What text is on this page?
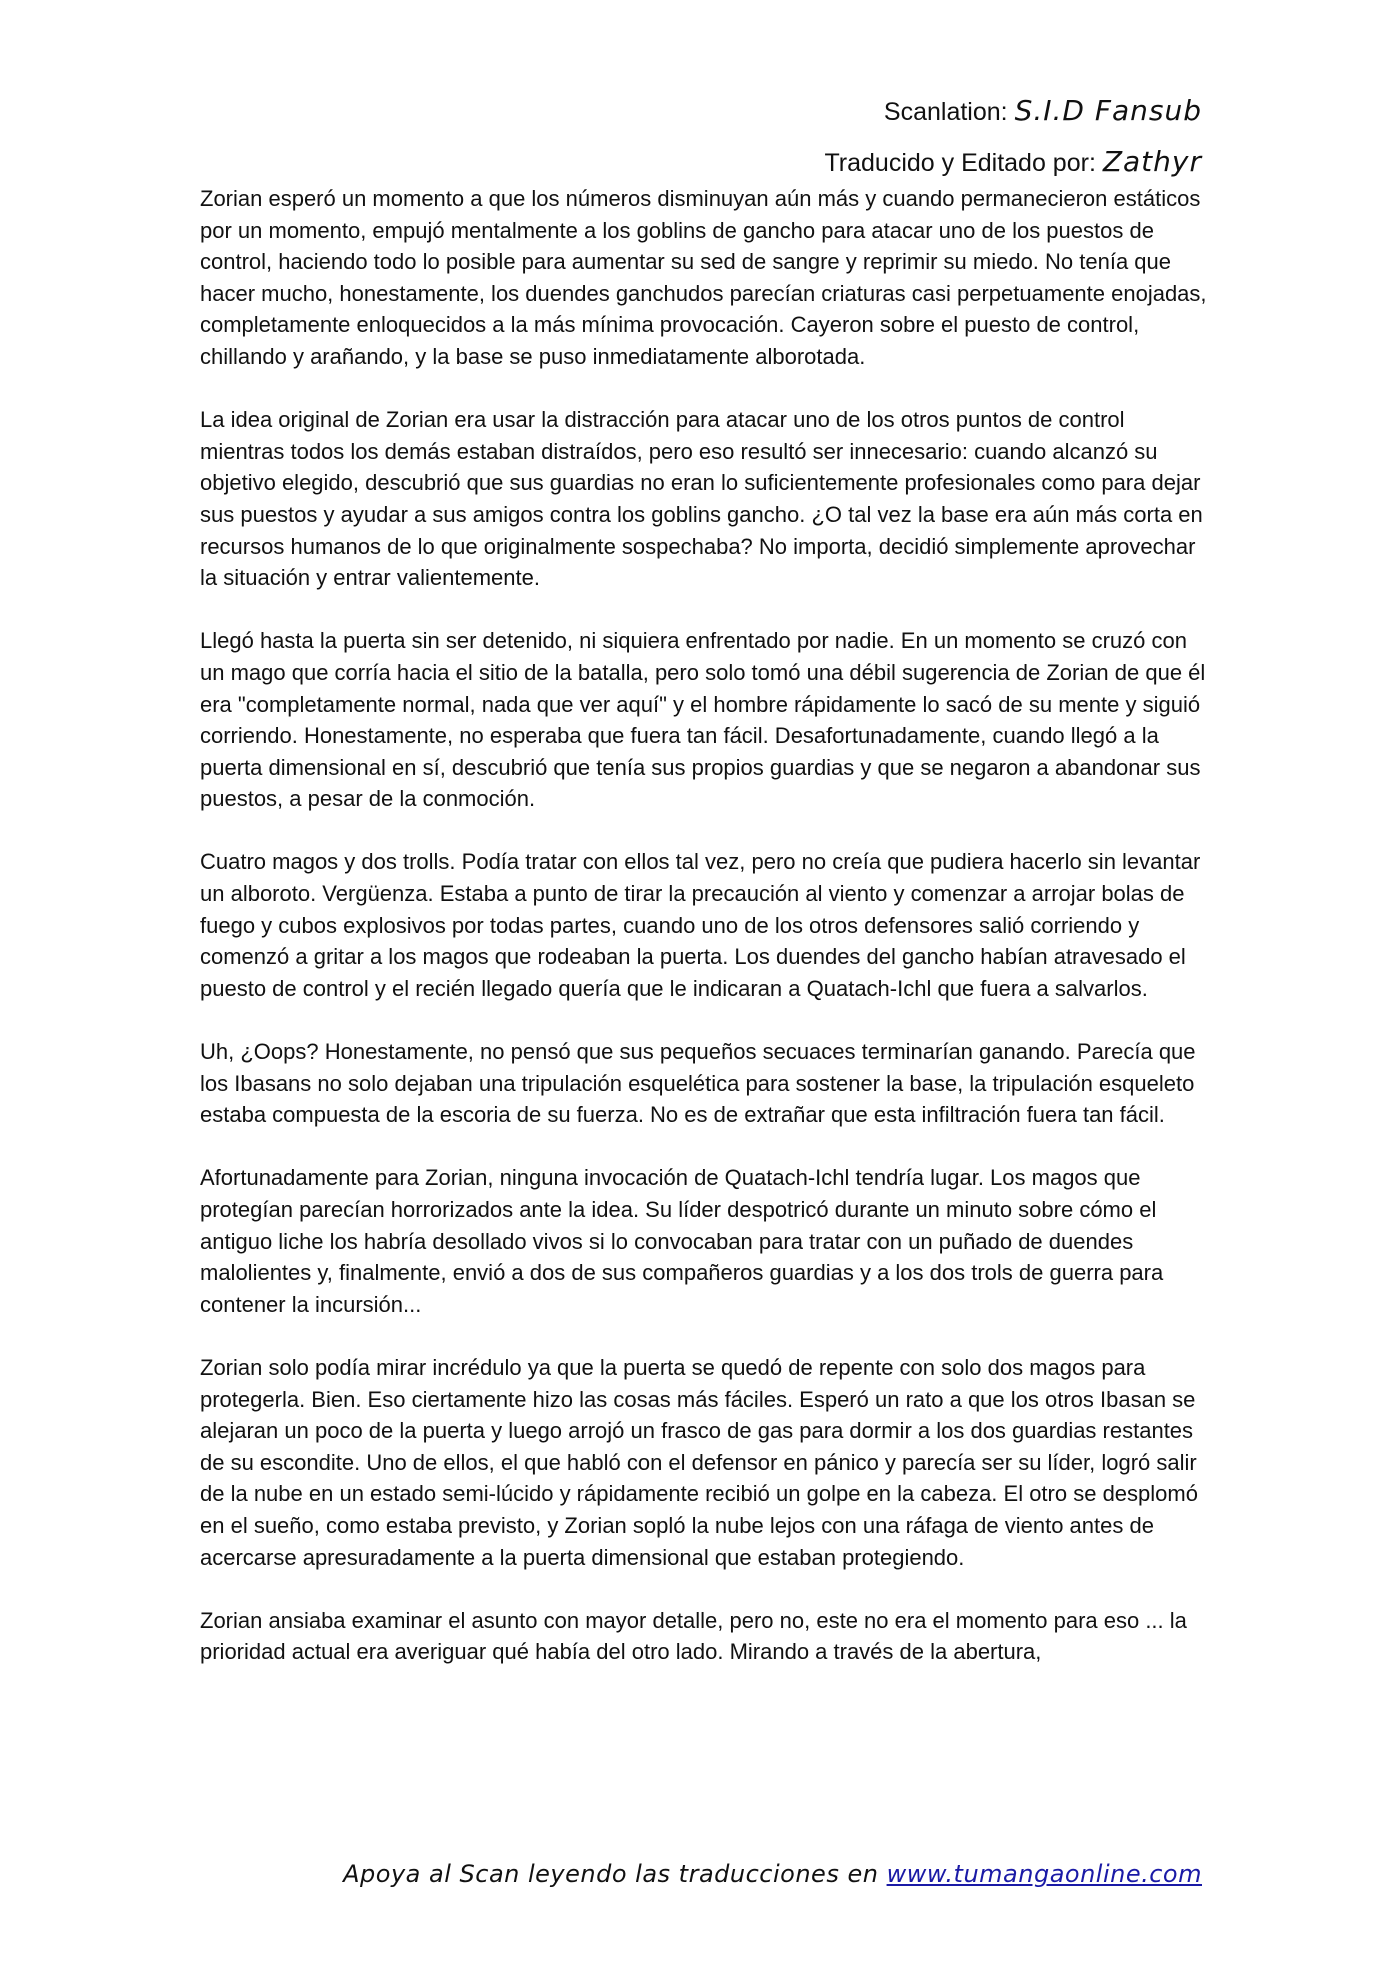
Scanlation: S.I.D Fansub
Traducido y Editado por: Zathyr

Zorian esperó un momento a que los números disminuyan aún más y cuando permanecieron estáticos por un momento, empujó mentalmente a los goblins de gancho para atacar uno de los puestos de control, haciendo todo lo posible para aumentar su sed de sangre y reprimir su miedo. No tenía que hacer mucho, honestamente, los duendes ganchudos parecían criaturas casi perpetuamente enojadas, completamente enloquecidos a la más mínima provocación. Cayeron sobre el puesto de control, chillando y arañando, y la base se puso inmediatamente alborotada.

La idea original de Zorian era usar la distracción para atacar uno de los otros puntos de control mientras todos los demás estaban distraídos, pero eso resultó ser innecesario: cuando alcanzó su objetivo elegido, descubrió que sus guardias no eran lo suficientemente profesionales como para dejar sus puestos y ayudar a sus amigos contra los goblins gancho. ¿O tal vez la base era aún más corta en recursos humanos de lo que originalmente sospechaba? No importa, decidió simplemente aprovechar la situación y entrar valientemente.

Llegó hasta la puerta sin ser detenido, ni siquiera enfrentado por nadie. En un momento se cruzó con un mago que corría hacia el sitio de la batalla, pero solo tomó una débil sugerencia de Zorian de que él era "completamente normal, nada que ver aquí" y el hombre rápidamente lo sacó de su mente y siguió corriendo. Honestamente, no esperaba que fuera tan fácil. Desafortunadamente, cuando llegó a la puerta dimensional en sí, descubrió que tenía sus propios guardias y que se negaron a abandonar sus puestos, a pesar de la conmoción.

Cuatro magos y dos trolls. Podía tratar con ellos tal vez, pero no creía que pudiera hacerlo sin levantar un alboroto. Vergüenza. Estaba a punto de tirar la precaución al viento y comenzar a arrojar bolas de fuego y cubos explosivos por todas partes, cuando uno de los otros defensores salió corriendo y comenzó a gritar a los magos que rodeaban la puerta. Los duendes del gancho habían atravesado el puesto de control y el recién llegado quería que le indicaran a Quatach-Ichl que fuera a salvarlos.

Uh, ¿Oops? Honestamente, no pensó que sus pequeños secuaces terminarían ganando. Parecía que los Ibasans no solo dejaban una tripulación esquelética para sostener la base, la tripulación esqueleto estaba compuesta de la escoria de su fuerza. No es de extrañar que esta infiltración fuera tan fácil.

Afortunadamente para Zorian, ninguna invocación de Quatach-Ichl tendría lugar. Los magos que protegían parecían horrorizados ante la idea. Su líder despotricó durante un minuto sobre cómo el antiguo liche los habría desollado vivos si lo convocaban para tratar con un puñado de duendes malolientes y, finalmente, envió a dos de sus compañeros guardias y a los dos trols de guerra para contener la incursión...

Zorian solo podía mirar incrédulo ya que la puerta se quedó de repente con solo dos magos para protegerla. Bien. Eso ciertamente hizo las cosas más fáciles. Esperó un rato a que los otros Ibasan se alejaran un poco de la puerta y luego arrojó un frasco de gas para dormir a los dos guardias restantes de su escondite. Uno de ellos, el que habló con el defensor en pánico y parecía ser su líder, logró salir de la nube en un estado semi-lúcido y rápidamente recibió un golpe en la cabeza. El otro se desplomó en el sueño, como estaba previsto, y Zorian sopló la nube lejos con una ráfaga de viento antes de acercarse apresuradamente a la puerta dimensional que estaban protegiendo.

Zorian ansiaba examinar el asunto con mayor detalle, pero no, este no era el momento para eso ... la prioridad actual era averiguar qué había del otro lado. Mirando a través de la abertura,

Apoya al Scan leyendo las traducciones en www.tumangaonline.com
